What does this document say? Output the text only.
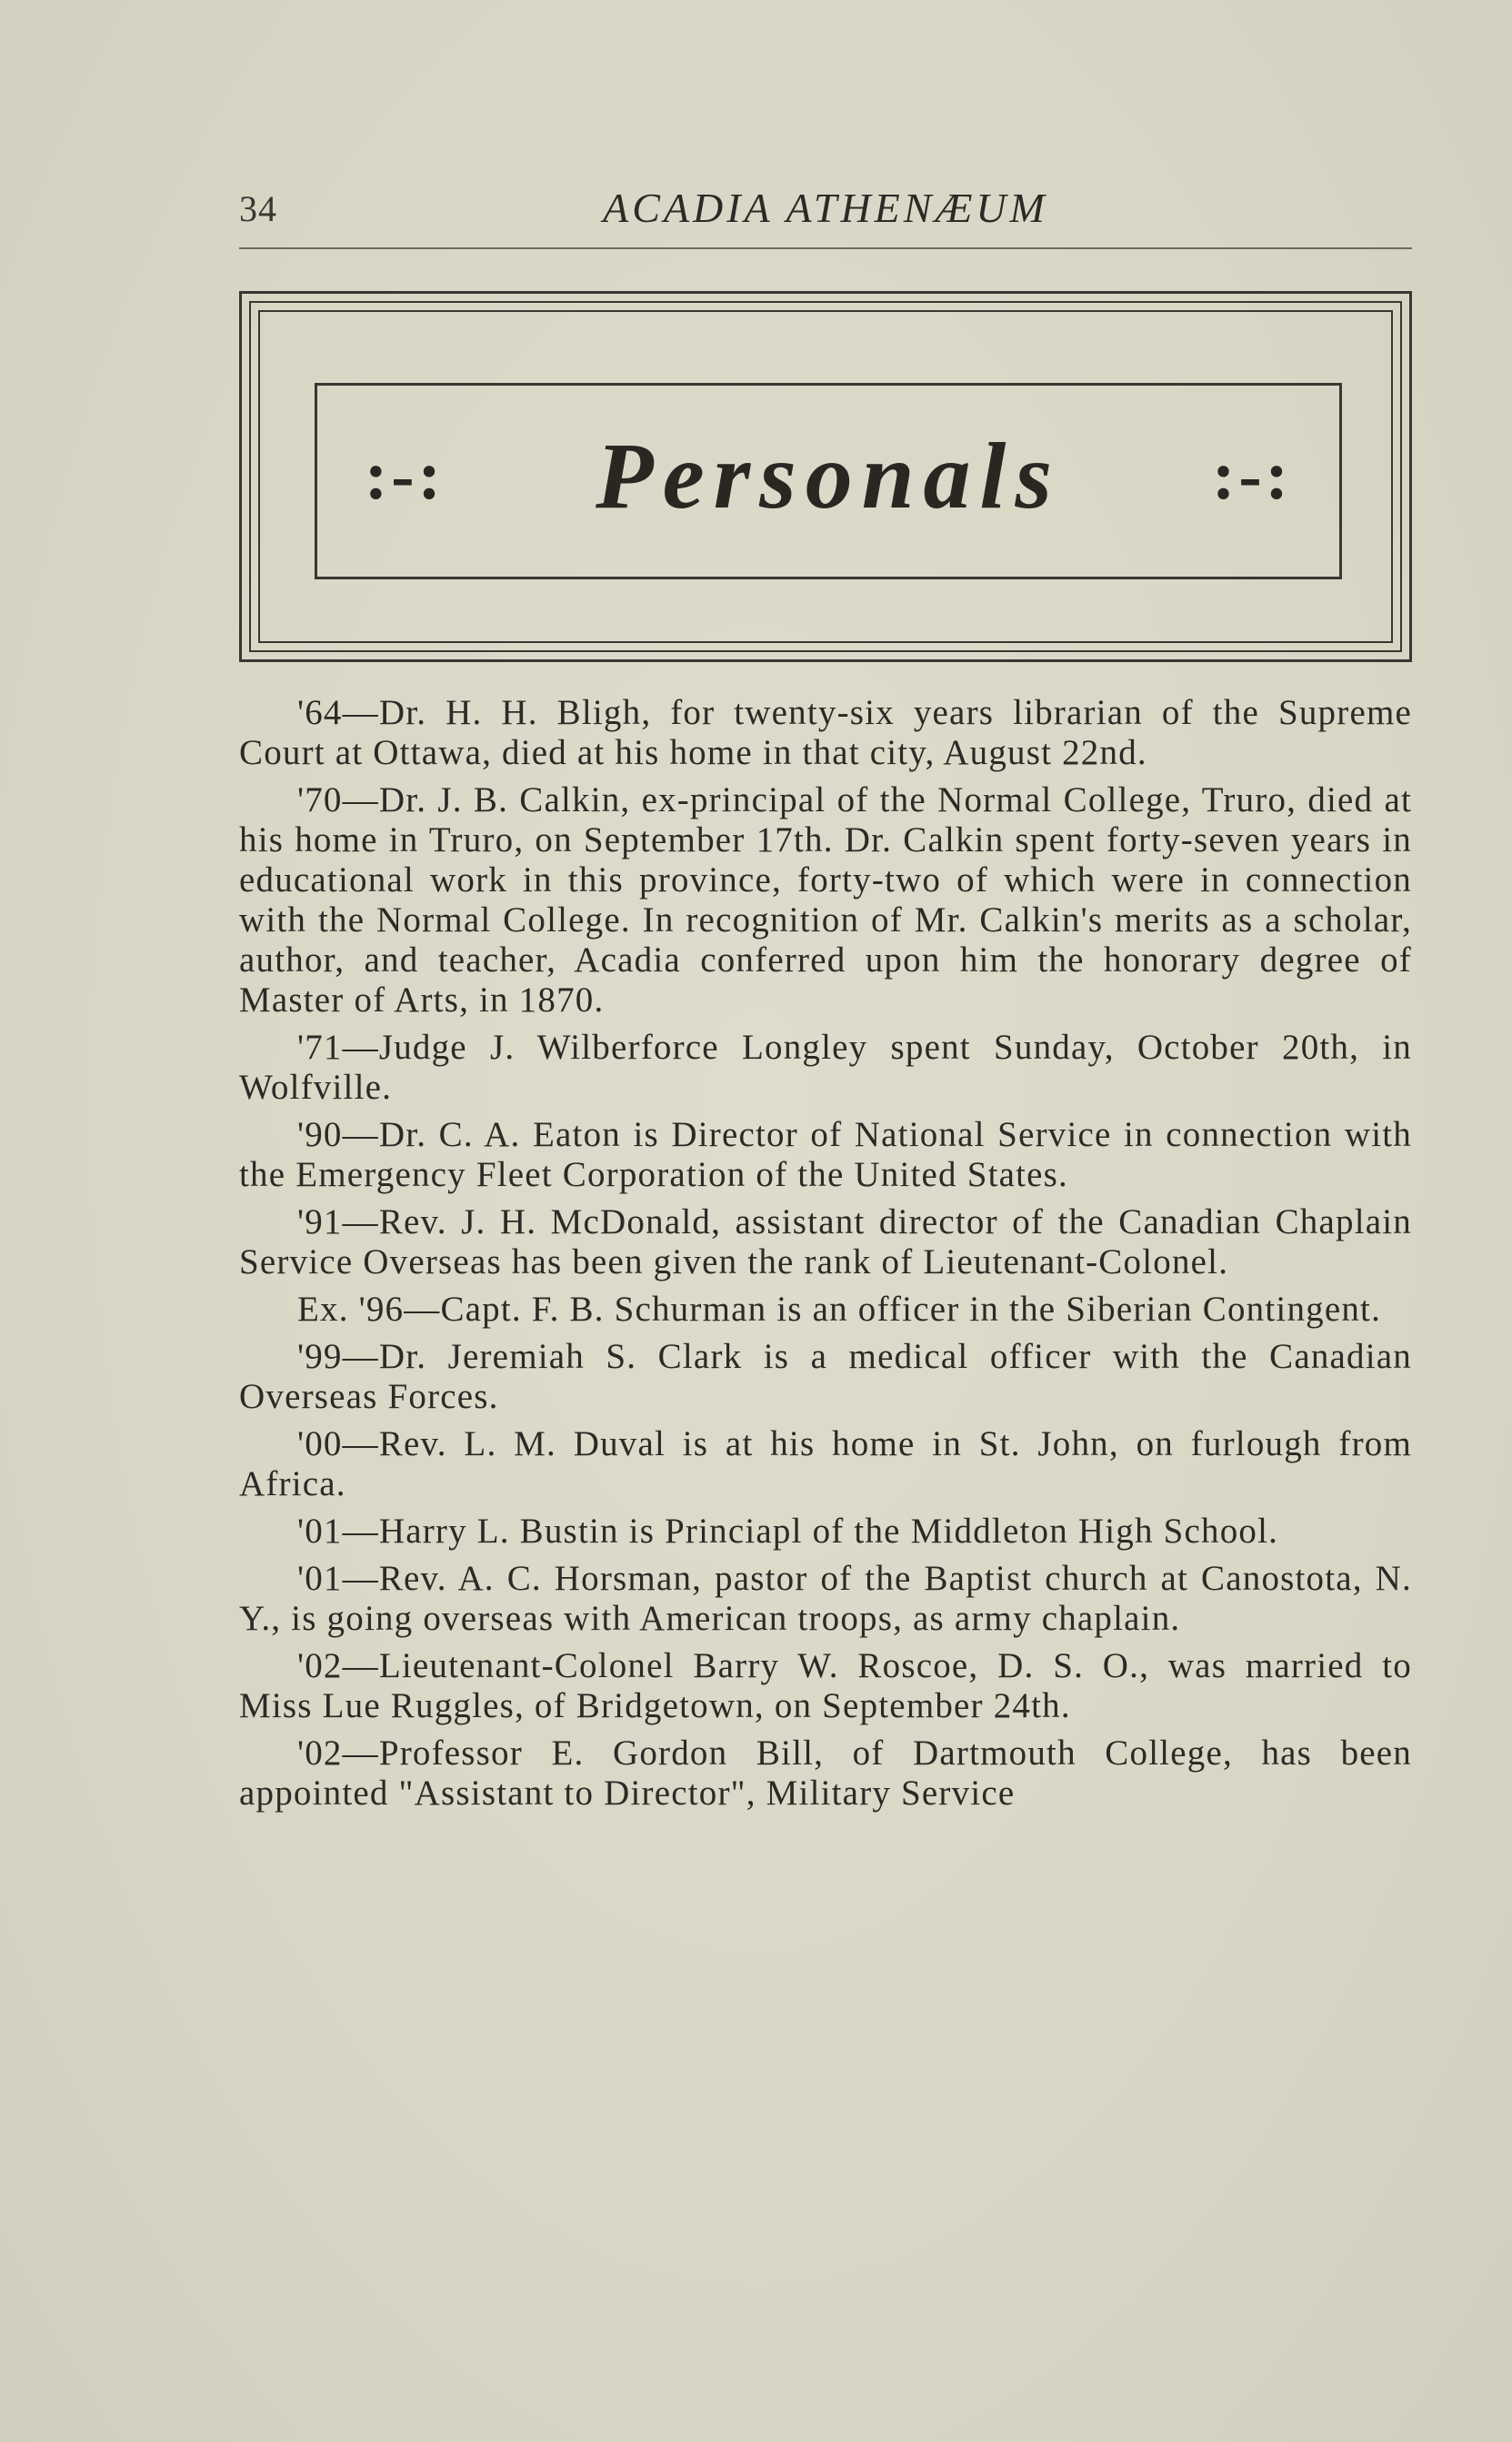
34	ACADIA ATHENÆUM
:-:	Personals	:-:

'64—Dr. H. H. Bligh, for twenty-six years librarian of the Supreme Court at Ottawa, died at his home in that city, August 22nd.

'70—Dr. J. B. Calkin, ex-principal of the Normal College, Truro, died at his home in Truro, on September 17th. Dr. Calkin spent forty-seven years in educational work in this province, forty-two of which were in connection with the Normal College. In recognition of Mr. Calkin's merits as a scholar, author, and teacher, Acadia conferred upon him the honorary degree of Master of Arts, in 1870.

'71—Judge J. Wilberforce Longley spent Sunday, October 20th, in Wolfville.

'90—Dr. C. A. Eaton is Director of National Service in connection with the Emergency Fleet Corporation of the United States.

'91—Rev. J. H. McDonald, assistant director of the Canadian Chaplain Service Overseas has been given the rank of Lieutenant-Colonel.

Ex. '96—Capt. F. B. Schurman is an officer in the Siberian Contingent.

'99—Dr. Jeremiah S. Clark is a medical officer with the Canadian Overseas Forces.

'00—Rev. L. M. Duval is at his home in St. John, on furlough from Africa.

'01—Harry L. Bustin is Princiapl of the Middleton High School.

'01—Rev. A. C. Horsman, pastor of the Baptist church at Canostota, N. Y., is going overseas with American troops, as army chaplain.

'02—Lieutenant-Colonel Barry W. Roscoe, D. S. O., was married to Miss Lue Ruggles, of Bridgetown, on September 24th.

'02—Professor E. Gordon Bill, of Dartmouth College, has been appointed "Assistant to Director", Military Service
